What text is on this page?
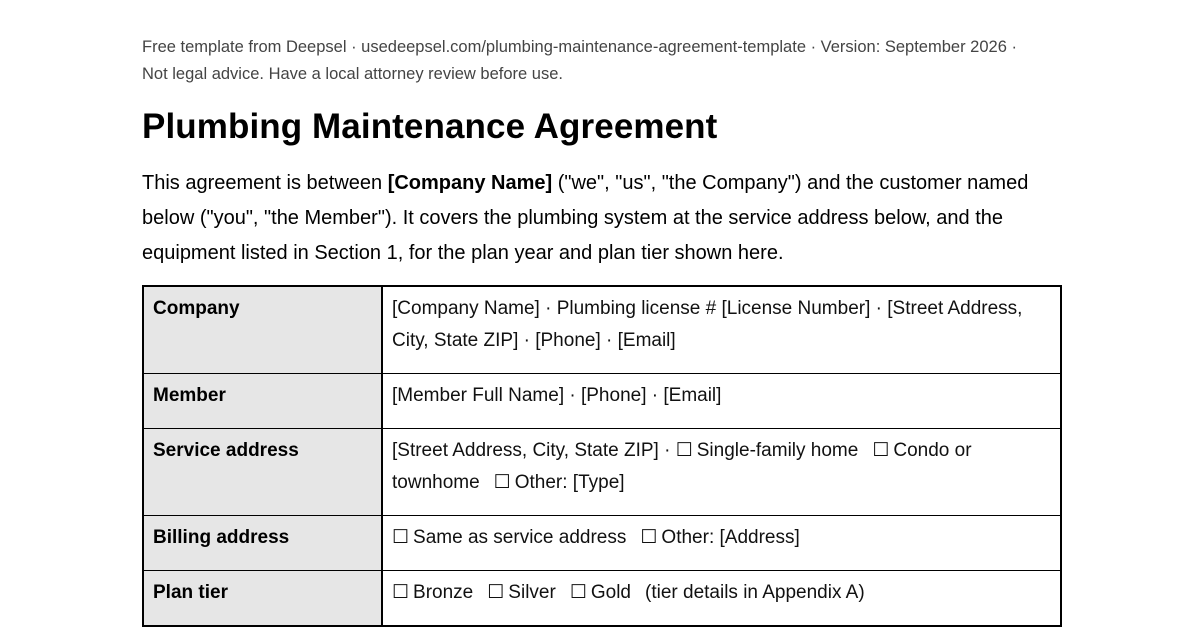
Free template from Deepsel · usedeepsel.com/plumbing-maintenance-agreement-template · Version: September 2026 · Not legal advice. Have a local attorney review before use.

Plumbing Maintenance Agreement

This agreement is between [Company Name] ("we", "us", "the Company") and the customer named below ("you", "the Member"). It covers the plumbing system at the service address below, and the equipment listed in Section 1, for the plan year and plan tier shown here.

Company	[Company Name] · Plumbing license # [License Number] · [Street Address, City, State ZIP] · [Phone] · [Email]
Member	[Member Full Name] · [Phone] · [Email]
Service address	[Street Address, City, State ZIP] · ☐ Single-family home ☐ Condo or townhome ☐ Other: [Type]
Billing address	☐ Same as service address ☐ Other: [Address]
Plan tier	☐ Bronze ☐ Silver ☐ Gold (tier details in Appendix A)
